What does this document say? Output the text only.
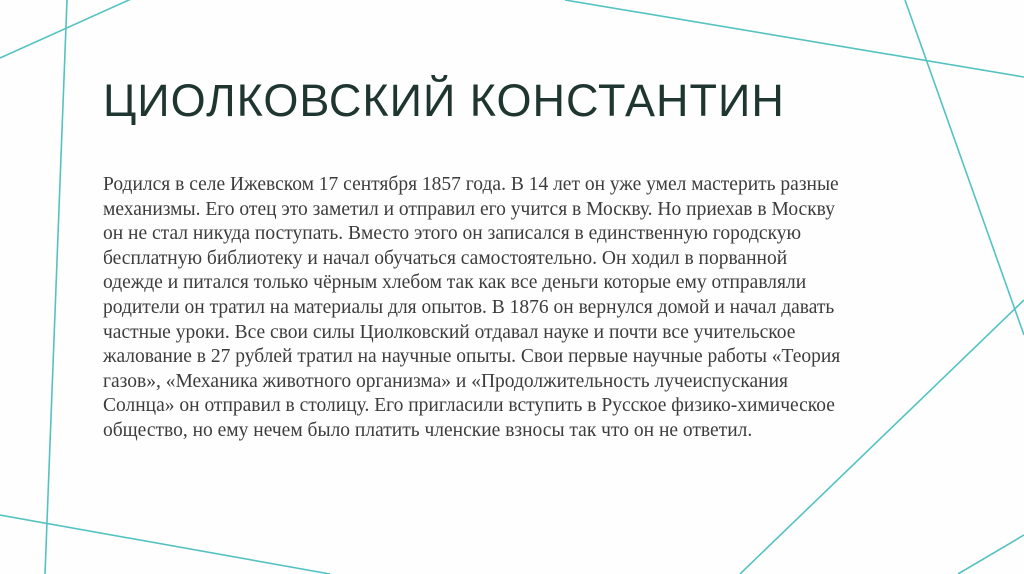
ЦИОЛКОВСКИЙ КОНСТАНТИН
Родился в селе Ижевском 17 сентября 1857 года. В 14 лет он уже умел мастерить разные
механизмы. Его отец это заметил и отправил его учится в Москву. Но приехав в Москву
он не стал никуда поступать. Вместо этого он записался в единственную городскую
бесплатную библиотеку и начал обучаться самостоятельно. Он ходил в порванной
одежде и питался только чёрным хлебом так как все деньги которые ему отправляли
родители он тратил на материалы для опытов. В 1876 он вернулся домой и начал давать
частные уроки. Все свои силы Циолковский отдавал науке и почти все учительское
жалование в 27 рублей тратил на научные опыты. Свои первые научные работы «Теория
газов», «Механика животного организма» и «Продолжительность лучеиспускания
Солнца» он отправил в столицу. Его пригласили вступить в Русское физико-химическое
общество, но ему нечем было платить членские взносы так что он не ответил.
